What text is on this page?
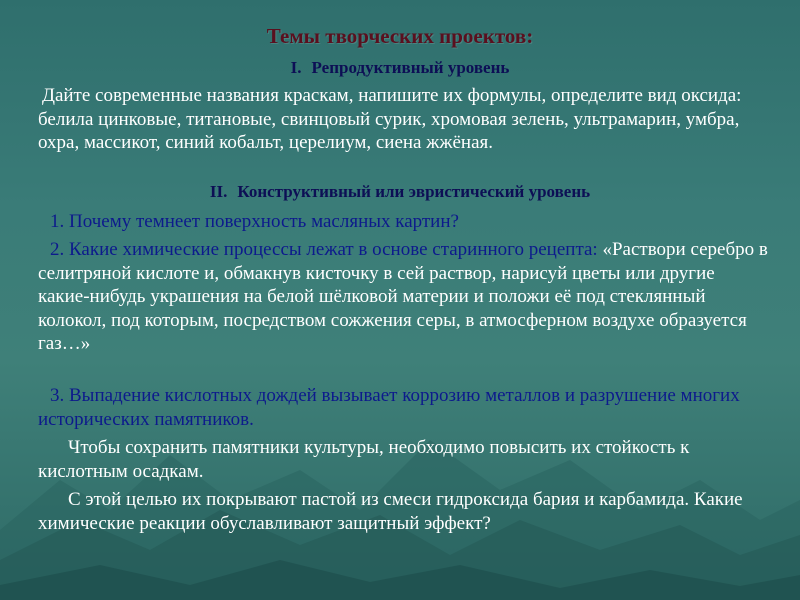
Темы творческих проектов:
I. Репродуктивный уровень
Дайте современные названия краскам, напишите их формулы, определите вид оксида: белила цинковые, титановые, свинцовый сурик, хромовая зелень, ультрамарин, умбра, охра, массикот, синий кобальт, церелиум, сиена жжёная.
II. Конструктивный или эвристический уровень
1. Почему темнеет поверхность масляных картин?
2. Какие химические процессы лежат в основе старинного рецепта: «Раствори серебро в селитряной кислоте и, обмакнув кисточку в сей раствор, нарисуй цветы или другие какие-нибудь украшения на белой шёлковой материи и положи её под стеклянный колокол, под которым, посредством сожжения серы, в атмосферном воздухе образуется газ…»
3. Выпадение кислотных дождей вызывает коррозию металлов и разрушение многих исторических памятников.
Чтобы сохранить памятники культуры, необходимо повысить их стойкость к кислотным осадкам.
С этой целью их покрывают пастой из смеси гидроксида бария и карбамида. Какие химические реакции обуславливают защитный эффект?
